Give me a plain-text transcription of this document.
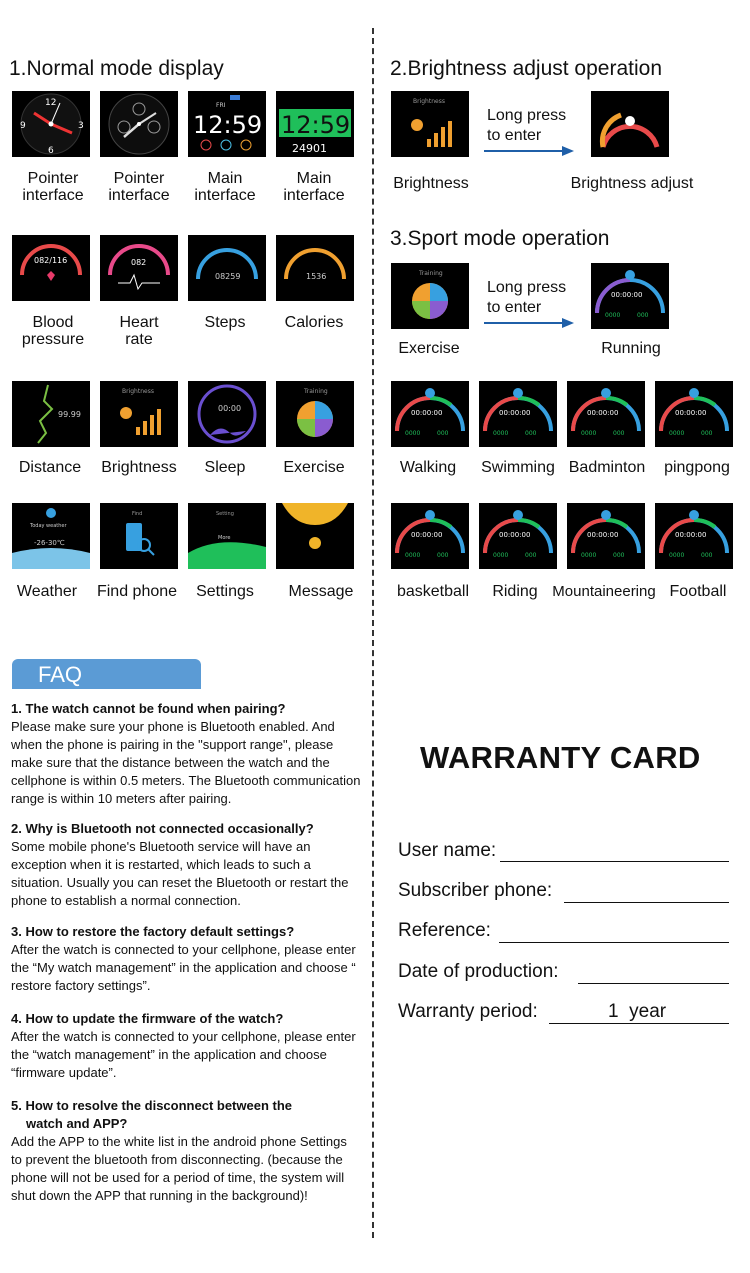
1.Normal mode display	2.Brightness adjust operation
3.Sport mode operation
12
3
9
6
FRI
12:59 12:59
24901
Pointer
interface
Pointer
interface
Main
interface
Main
interface
082/116	082
08259	1536
Blood
pressure
Heart
rate
Steps	Calories
99.99
Brightness
00:00
Training
Distance	Brightness	Sleep	Exercise
Today weather
-26-30℃
Find	Setting
More
Weather	Find phone	Settings	Message
Brightness
Long press
to enter
Brightness	Brightness adjust
Training
Long press
to enter
00:00:00
0000	000
Exercise	Running
00:00:00
0000	000
00:00:00
0000	000
00:00:00
0000	000
00:00:00
0000	000
Walking	Swimming Badminton	pingpong
00:00:00
0000	000
00:00:00
0000	000
00:00:00
0000	000
00:00:00
0000	000
basketball	Riding Mountaineering Football
FAQ
1. The watch cannot be found when pairing?
Please make sure your phone is Bluetooth enabled. And when the phone is pairing in the "support range", please make sure that the distance between the watch and the cellphone is within 0.5 meters. The Bluetooth communication range is within 10 meters after pairing.
2. Why is Bluetooth not connected occasionally?
Some mobile phone's Bluetooth service will have an exception when it is restarted, which leads to such a situation. Usually you can reset the Bluetooth or restart the phone to establish a normal connection.
3. How to restore the factory default settings?
After the watch is connected to your cellphone, please enter the “My watch management” in the application and choose “ restore factory settings”.
4. How to update the firmware of the watch?
After the watch is connected to your cellphone, please enter the “watch management” in the application and choose “firmware update”.
5. How to resolve the disconnect between the
watch and APP?
Add the APP to the white list in the android phone Settings to prevent the bluetooth from disconnecting. (because the phone will not be used for a period of time, the system will shut down the APP that running in the background)!
WARRANTY CARD
User name:
Subscriber phone:
Reference:
Date of production:
Warranty period:	1  year
